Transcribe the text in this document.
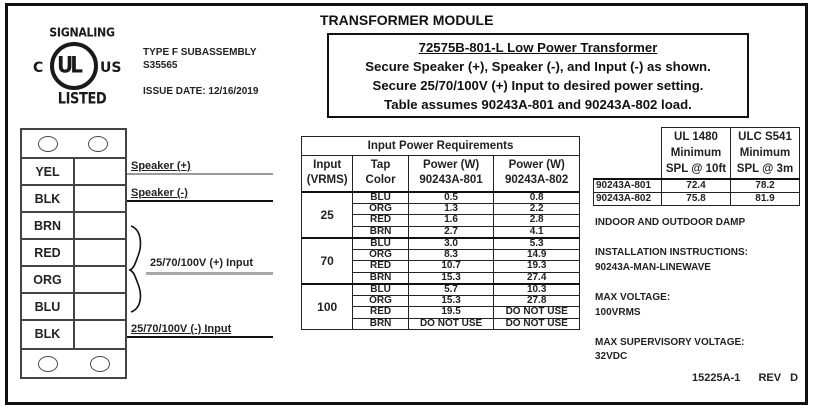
SIGNALING
UL
C	US
LISTED
TYPE F SUBASSEMBLY
S35565
ISSUE DATE: 12/16/2019
TRANSFORMER MODULE
72575B-801-L Low Power Transformer
Secure Speaker (+), Speaker (-), and Input (-) as shown.
Secure 25/70/100V (+) Input to desired power setting.
Table assumes 90243A-801 and 90243A-802 load.
YEL
BLK
BRN
RED
ORG
BLU
BLK
Speaker (+)
Speaker (-)
25/70/100V (+) Input
25/70/100V (-) Input
Input Power Requirements			

Input
(VRMS)

Tap
Color

Power (W)
90243A-801

Power (W)
90243A-802

25	BLU	0.5	0.8
	ORG	1.3	2.2
	RED	1.6	2.8
	BRN	2.7	4.1
70	BLU	3.0	5.3
	ORG	8.3	14.9
	RED	10.7	19.3
	BRN	15.3	27.4
100	BLU	5.7	10.3
	ORG	15.3	27.8
	RED	19.5	DO NOT USE
	BRN	DO NOT USE	DO NOT USE

UL 1480
Minimum
SPL @ 10ft

ULC S541
Minimum
SPL @ 3m

90243A-801	72.4	78.2
90243A-802	75.8	81.9
INDOOR AND OUTDOOR DAMP
INSTALLATION INSTRUCTIONS:
90243A-MAN-LINEWAVE
MAX VOLTAGE:
100VRMS
MAX SUPERVISORY VOLTAGE:
32VDC
15225A-1 REV D
